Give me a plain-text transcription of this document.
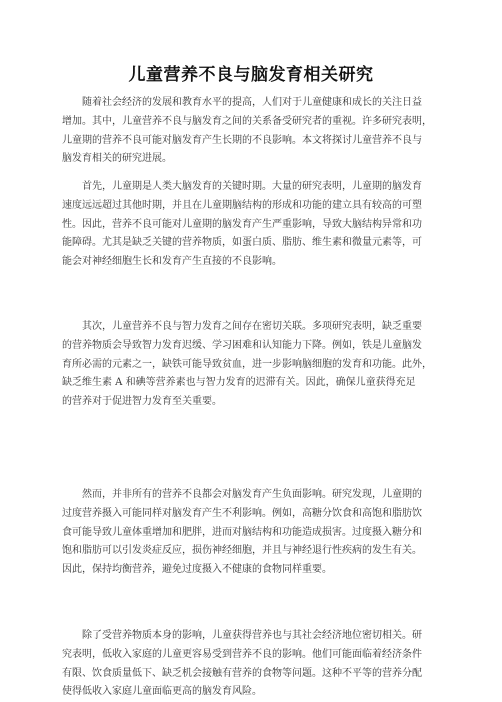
儿童营养不良与脑发育相关研究
随着社会经济的发展和教育水平的提高，人们对于儿童健康和成长的关注日益
增加。其中，儿童营养不良与脑发育之间的关系备受研究者的重视。许多研究表明，
儿童期的营养不良可能对脑发育产生长期的不良影响。本文将探讨儿童营养不良与
脑发育相关的研究进展。
首先，儿童期是人类大脑发育的关键时期。大量的研究表明，儿童期的脑发育
速度远远超过其他时期，并且在儿童期脑结构的形成和功能的建立具有较高的可塑
性。因此，营养不良可能对儿童期的脑发育产生严重影响，导致大脑结构异常和功
能障碍。尤其是缺乏关键的营养物质，如蛋白质、脂肪、维生素和微量元素等，可
能会对神经细胞生长和发育产生直接的不良影响。
其次，儿童营养不良与智力发育之间存在密切关联。多项研究表明，缺乏重要
的营养物质会导致智力发育迟缓、学习困难和认知能力下降。例如，铁是儿童脑发
育所必需的元素之一，缺铁可能导致贫血，进一步影响脑细胞的发育和功能。此外，
缺乏维生素 A 和碘等营养素也与智力发育的迟滞有关。因此，确保儿童获得充足
的营养对于促进智力发育至关重要。
然而，并非所有的营养不良都会对脑发育产生负面影响。研究发现，儿童期的
过度营养摄入可能同样对脑发育产生不利影响。例如，高糖分饮食和高饱和脂肪饮
食可能导致儿童体重增加和肥胖，进而对脑结构和功能造成损害。过度摄入糖分和
饱和脂肪可以引发炎症反应，损伤神经细胞，并且与神经退行性疾病的发生有关。
因此，保持均衡营养，避免过度摄入不健康的食物同样重要。
除了受营养物质本身的影响，儿童获得营养也与其社会经济地位密切相关。研
究表明，低收入家庭的儿童更容易受到营养不良的影响。他们可能面临着经济条件
有限、饮食质量低下、缺乏机会接触有营养的食物等问题。这种不平等的营养分配
使得低收入家庭儿童面临更高的脑发育风险。
